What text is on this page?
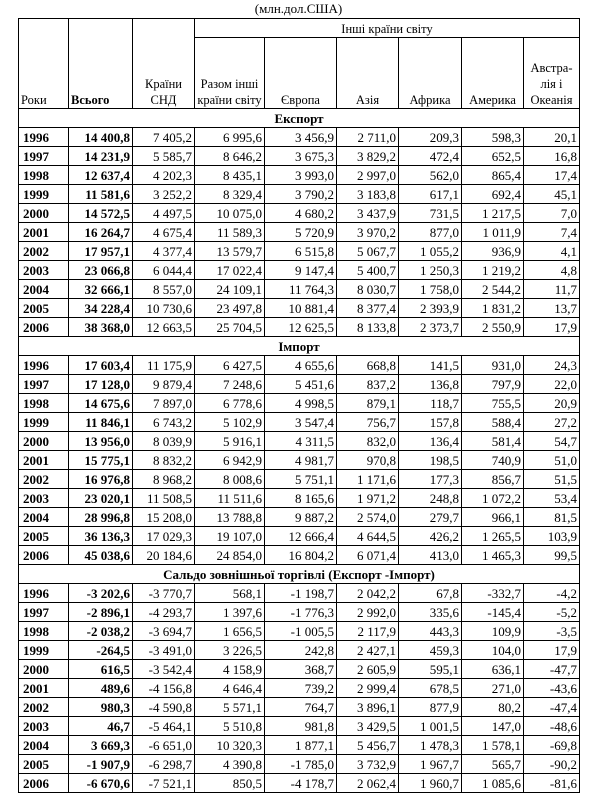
(млн.дол.США)
Роки	Всього	Країни СНД	Інші країни світу					
			Разом інші країни світу	Європа	Азія	Африка	Америка	Австра-лія і Океанія
Експорт								
1996	14 400,8	7 405,2	6 995,6	3 456,9	2 711,0	209,3	598,3	20,1
1997	14 231,9	5 585,7	8 646,2	3 675,3	3 829,2	472,4	652,5	16,8
1998	12 637,4	4 202,3	8 435,1	3 993,0	2 997,0	562,0	865,4	17,4
1999	11 581,6	3 252,2	8 329,4	3 790,2	3 183,8	617,1	692,4	45,1
2000	14 572,5	4 497,5	10 075,0	4 680,2	3 437,9	731,5	1 217,5	7,0
2001	16 264,7	4 675,4	11 589,3	5 720,9	3 970,2	877,0	1 011,9	7,4
2002	17 957,1	4 377,4	13 579,7	6 515,8	5 067,7	1 055,2	936,9	4,1
2003	23 066,8	6 044,4	17 022,4	9 147,4	5 400,7	1 250,3	1 219,2	4,8
2004	32 666,1	8 557,0	24 109,1	11 764,3	8 030,7	1 758,0	2 544,2	11,7
2005	34 228,4	10 730,6	23 497,8	10 881,4	8 377,4	2 393,9	1 831,2	13,7
2006	38 368,0	12 663,5	25 704,5	12 625,5	8 133,8	2 373,7	2 550,9	17,9
Імпорт								
1996	17 603,4	11 175,9	6 427,5	4 655,6	668,8	141,5	931,0	24,3
1997	17 128,0	9 879,4	7 248,6	5 451,6	837,2	136,8	797,9	22,0
1998	14 675,6	7 897,0	6 778,6	4 998,5	879,1	118,7	755,5	20,9
1999	11 846,1	6 743,2	5 102,9	3 547,4	756,7	157,8	588,4	27,2
2000	13 956,0	8 039,9	5 916,1	4 311,5	832,0	136,4	581,4	54,7
2001	15 775,1	8 832,2	6 942,9	4 981,7	970,8	198,5	740,9	51,0
2002	16 976,8	8 968,2	8 008,6	5 751,1	1 171,6	177,3	856,7	51,5
2003	23 020,1	11 508,5	11 511,6	8 165,6	1 971,2	248,8	1 072,2	53,4
2004	28 996,8	15 208,0	13 788,8	9 887,2	2 574,0	279,7	966,1	81,5
2005	36 136,3	17 029,3	19 107,0	12 666,4	4 644,5	426,2	1 265,5	103,9
2006	45 038,6	20 184,6	24 854,0	16 804,2	6 071,4	413,0	1 465,3	99,5
Сальдо зовнішньої торгівлі (Експорт -Імпорт)								
1996	-3 202,6	-3 770,7	568,1	-1 198,7	2 042,2	67,8	-332,7	-4,2
1997	-2 896,1	-4 293,7	1 397,6	-1 776,3	2 992,0	335,6	-145,4	-5,2
1998	-2 038,2	-3 694,7	1 656,5	-1 005,5	2 117,9	443,3	109,9	-3,5
1999	-264,5	-3 491,0	3 226,5	242,8	2 427,1	459,3	104,0	17,9
2000	616,5	-3 542,4	4 158,9	368,7	2 605,9	595,1	636,1	-47,7
2001	489,6	-4 156,8	4 646,4	739,2	2 999,4	678,5	271,0	-43,6
2002	980,3	-4 590,8	5 571,1	764,7	3 896,1	877,9	80,2	-47,4
2003	46,7	-5 464,1	5 510,8	981,8	3 429,5	1 001,5	147,0	-48,6
2004	3 669,3	-6 651,0	10 320,3	1 877,1	5 456,7	1 478,3	1 578,1	-69,8
2005	-1 907,9	-6 298,7	4 390,8	-1 785,0	3 732,9	1 967,7	565,7	-90,2
2006	-6 670,6	-7 521,1	850,5	-4 178,7	2 062,4	1 960,7	1 085,6	-81,6
